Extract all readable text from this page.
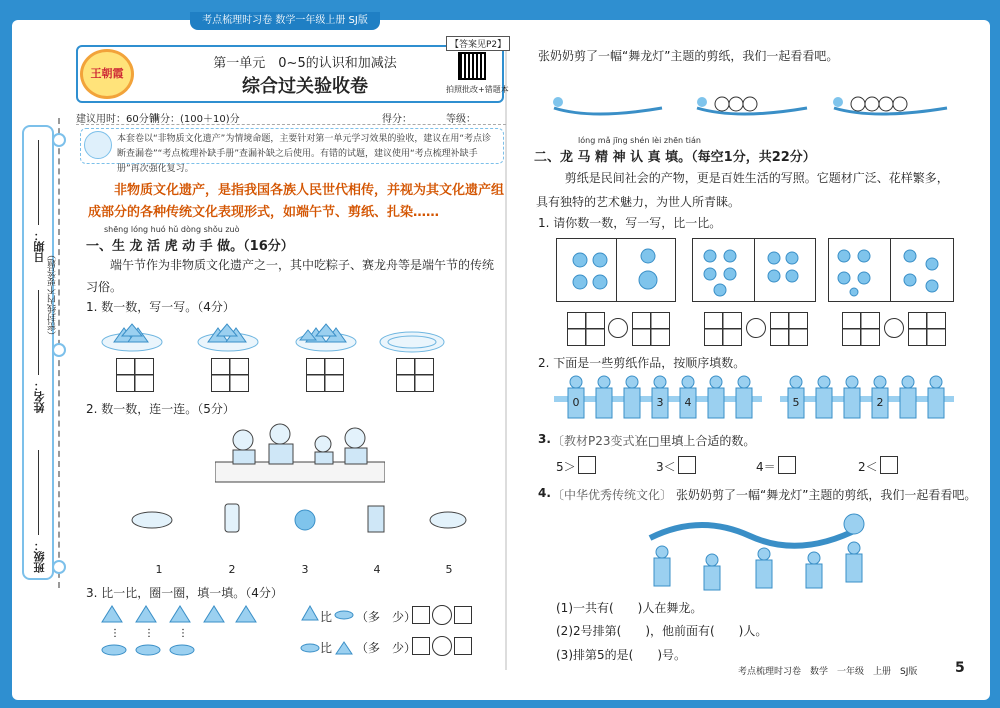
考点梳理时习卷 数学一年级上册 SJ版
日期：
姓名：
班级：
（密封线内不要答题）
王朝霞
第一单元　0~5的认识和加减法
综合过关验收卷
【答案见P2】
拍照批改+错题本
建议用时：60分钟
满分：(100＋10)分	得分：	等级：
本套卷以“非物质文化遗产”为情境命题，主要针对第一单元学习效果的验收，建议在用“考点诊断查漏卷”“考点梳理补缺手册”查漏补缺之后使用。有错的试题，建议使用“考点梳理补缺手册”再次强化复习。
非物质文化遗产，是指我国各族人民世代相传，并视为其文化遗产组成部分的各种传统文化表现形式，如端午节、剪纸、扎染……
shēng lóng huó hǔ dòng shǒu zuò
一、生 龙 活 虎 动 手 做。（16分）
端午节作为非物质文化遗产之一，其中吃粽子、赛龙舟等是端午节的传统习俗。
1. 数一数，写一写。（4分）
2. 数一数，连一连。（5分）
1	2	3	4	5
3. 比一比，圈一圈，填一填。（4分）
⋮ ⋮ ⋮
比 （多　少）
比 （多　少）
张奶奶剪了一幅“舞龙灯”主题的剪纸，我们一起看看吧。
lóng mǎ jīng shén lèi zhēn tián
二、龙 马 精 神 认 真 填。（每空1分，共22分）
剪纸是民间社会的产物，更是百姓生活的写照。它题材广泛、花样繁多，具有独特的艺术魅力，为世人所青睐。
1. 请你数一数，写一写，比一比。
2. 下面是一些剪纸作品，按顺序填数。
0	3	4	5	2
3. 〔教材P23变式〕
在□里填上合适的数。
5＞	3＜	4＝	2＜
4. 〔中华优秀传统文化〕 张奶奶剪了一幅“舞龙灯”主题的剪纸，我们一起看看吧。
(1)一共有(　　)人在舞龙。
(2)2号排第(　　)，他前面有(　　)人。
(3)排第5的是(　　)号。
考点梳理时习卷　数学　一年级　上册　SJ版	5
